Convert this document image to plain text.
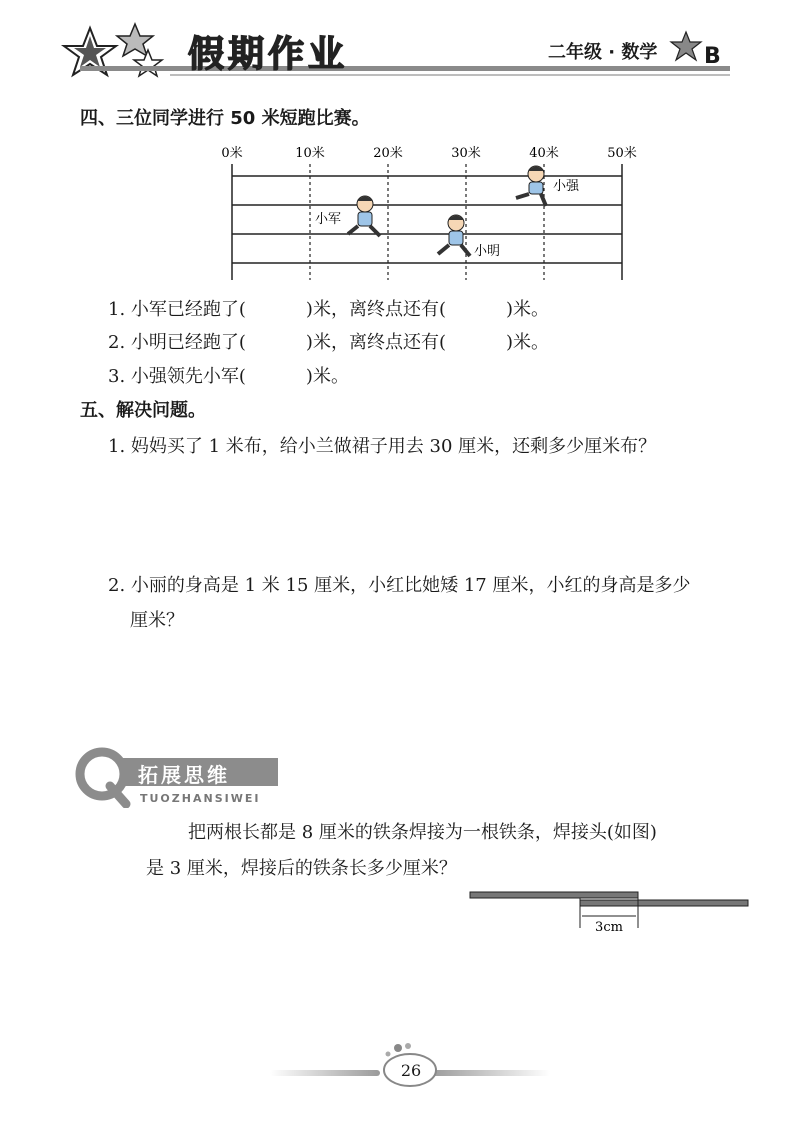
假期作业	二年级 · 数学 B
四、三位同学进行 50 米短跑比赛。
0米	10米	20米	30米	40米	50米
小军
小明
小强
1. 小军已经跑了(	)米，离终点还有(	)米。
2. 小明已经跑了(	)米，离终点还有(	)米。
3. 小强领先小军(	)米。
五、解决问题。
1. 妈妈买了 1 米布，给小兰做裙子用去 30 厘米，还剩多少厘米布？
2. 小丽的身高是 1 米 15 厘米，小红比她矮 17 厘米，小红的身高是多少
厘米？
拓展思维
TUOZHANSIWEI
把两根长都是 8 厘米的铁条焊接为一根铁条，焊接头(如图)
是 3 厘米，焊接后的铁条长多少厘米？
3cm
26
